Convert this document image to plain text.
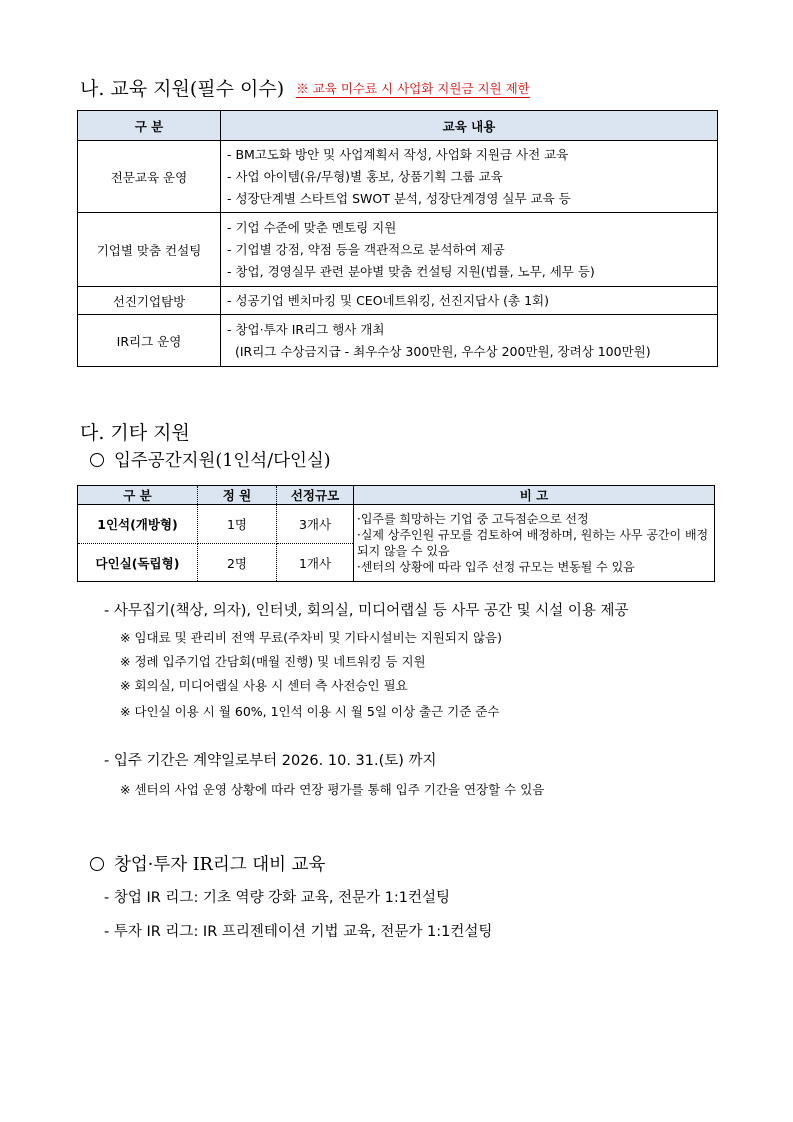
나. 교육 지원(필수 이수) ※ 교육 미수료 시 사업화 지원금 지원 제한
구 분	교육 내용
전문교육 운영	- BM고도화 방안 및 사업계획서 작성, 사업화 지원금 사전 교육
- 사업 아이템(유/무형)별 홍보, 상품기획 그룹 교육
- 성장단계별 스타트업 SWOT 분석, 성장단계경영 실무 교육 등

기업별 맞춤 컨설팅	- 기업 수준에 맞춘 멘토링 지원
- 기업별 강점, 약점 등을 객관적으로 분석하여 제공
- 창업, 경영실무 관련 분야별 맞춤 컨설팅 지원(법률, 노무, 세무 등)

선진기업탐방	- 성공기업 벤치마킹 및 CEO네트워킹, 선진지답사 (총 1회)

IR리그 운영	- 창업·투자 IR리그 행사 개최
(IR리그 수상금지급 - 최우수상 300만원, 우수상 200만원, 장려상 100만원)
다. 기타 지원
입주공간지원(1인석/다인실)
구 분	정 원	선정규모	비 고
1인석(개방형)	1명	3개사	·입주를 희망하는 기업 중 고득점순으로 선정
·실제 상주인원 규모를 검토하여 배정하며, 원하는 사무 공간이 배정되지 않을 수 있음
·센터의 상황에 따라 입주 선정 규모는 변동될 수 있음

다인실(독립형)	2명	1개사	
- 사무집기(책상, 의자), 인터넷, 회의실, 미디어랩실 등 사무 공간 및 시설 이용 제공
※ 임대료 및 관리비 전액 무료(주차비 및 기타시설비는 지원되지 않음)
※ 정례 입주기업 간담회(매월 진행) 및 네트워킹 등 지원
※ 회의실, 미디어랩실 사용 시 센터 측 사전승인 필요
※ 다인실 이용 시 월 60%, 1인석 이용 시 월 5일 이상 출근 기준 준수
- 입주 기간은 계약일로부터 2026. 10. 31.(토) 까지
※ 센터의 사업 운영 상황에 따라 연장 평가를 통해 입주 기간을 연장할 수 있음
창업·투자 IR리그 대비 교육
- 창업 IR 리그: 기초 역량 강화 교육, 전문가 1:1컨설팅
- 투자 IR 리그: IR 프리젠테이션 기법 교육, 전문가 1:1컨설팅
